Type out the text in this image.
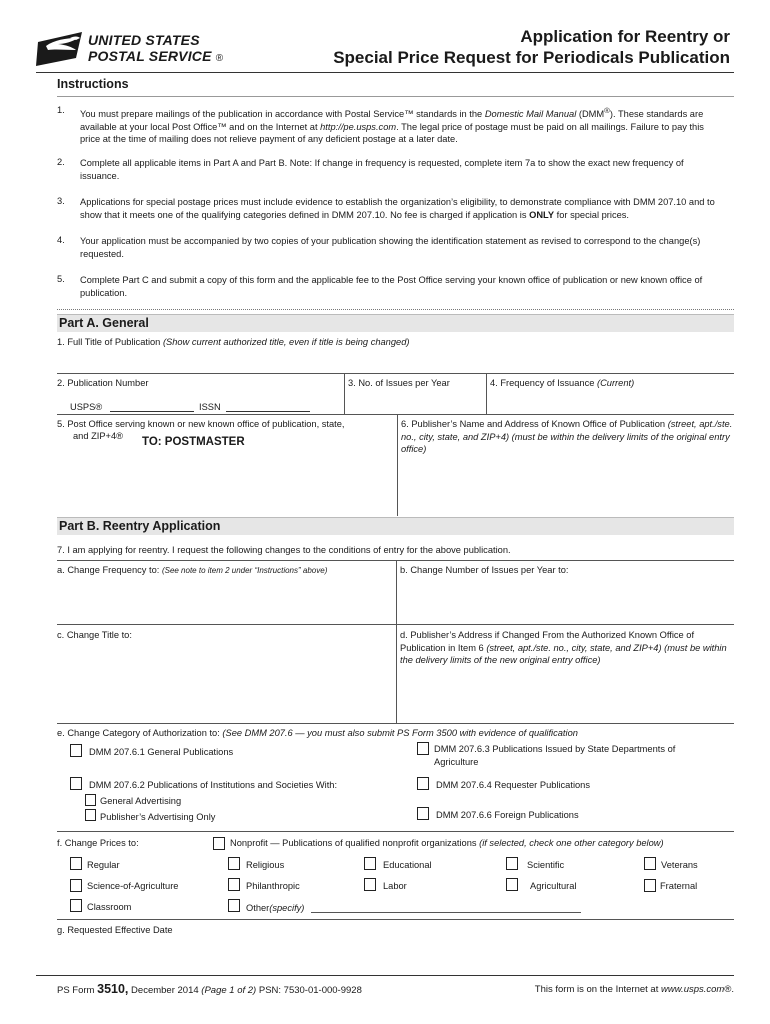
UNITED STATES
POSTAL SERVICE ®
Application for Reentry or
Special Price Request for Periodicals Publication
Instructions
1. You must prepare mailings of the publication in accordance with Postal Service™ standards in the Domestic Mail Manual (DMM®). These standards are available at your local Post Office™ and on the Internet at http://pe.usps.com. The legal price of postage must be paid on all mailings. Failure to pay this price at the time of mailing does not relieve payment of any deficient postage at a later date.
2. Complete all applicable items in Part A and Part B. Note: If change in frequency is requested, complete item 7a to show the exact new frequency of issuance.
3. Applications for special postage prices must include evidence to establish the organization’s eligibility, to demonstrate compliance with DMM 207.10 and to show that it meets one of the qualifying categories defined in DMM 207.10. No fee is charged if application is ONLY for special prices.
4. Your application must be accompanied by two copies of your publication showing the identification statement as revised to correspond to the change(s) requested.
5. Complete Part C and submit a copy of this form and the applicable fee to the Post Office serving your known office of publication or new known office of publication.
Part A. General
1. Full Title of Publication (Show current authorized title, even if title is being changed)
2. Publication Number	3. No. of Issues per Year	4. Frequency of Issuance (Current)
USPS®	ISSN
5. Post Office serving known or new known office of publication, state,
and ZIP+4® TO: POSTMASTER
6. Publisher’s Name and Address of Known Office of Publication (street, apt./ste. no., city, state, and ZIP+4) (must be within the delivery limits of the original entry office)
Part B. Reentry Application
7. I am applying for reentry. I request the following changes to the conditions of entry for the above publication.
a. Change Frequency to: (See note to item 2 under “Instructions” above)	b. Change Number of Issues per Year to:
c. Change Title to:	d. Publisher’s Address if Changed From the Authorized Known Office of Publication in Item 6 (street, apt./ste. no., city, state, and ZIP+4) (must be within the delivery limits of the new original entry office)
e. Change Category of Authorization to: (See DMM 207.6 — you must also submit PS Form 3500 with evidence of qualification
DMM 207.6.1 General Publications
DMM 207.6.2 Publications of Institutions and Societies With:
General Advertising
Publisher’s Advertising Only
DMM 207.6.3 Publications Issued by State Departments of Agriculture
DMM 207.6.4 Requester Publications
DMM 207.6.6 Foreign Publications
f. Change Prices to:	Nonprofit — Publications of qualified nonprofit organizations (if selected, check one other category below)
Regular	Religious	Educational	Scientific	Veterans
Science-of-Agriculture	Philanthropic	Labor	Agricultural	Fraternal
Classroom	Other(specify)
g. Requested Effective Date
PS Form 3510, December 2014 (Page 1 of 2) PSN: 7530-01-000-9928	This form is on the Internet at www.usps.com®.
